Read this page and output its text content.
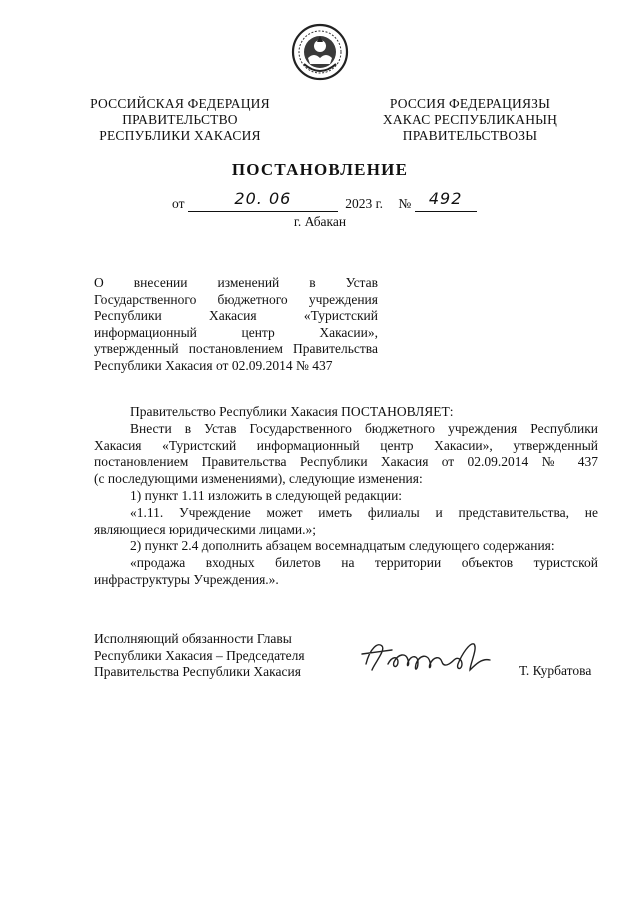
РОССИЙСКАЯ ФЕДЕРАЦИЯ
ПРАВИТЕЛЬСТВО
РЕСПУБЛИКИ ХАКАСИЯ
РОССИЯ ФЕДЕРАЦИЯЗЫ
ХАКАС РЕСПУБЛИКАНЫҢ
ПРАВИТЕЛЬСТВОЗЫ
ПОСТАНОВЛЕНИЕ
от	20. 06	2023 г. №	492
г. Абакан
О внесении изменений в Устав
Государственного бюджетного учреждения
Республики Хакасия «Туристский
информационный центр Хакасии»,
утвержденный постановлением Правительства
Республики Хакасия от 02.09.2014 № 437
Правительство Республики Хакасия ПОСТАНОВЛЯЕТ:
Внести в Устав Государственного бюджетного учреждения Республики
Хакасия «Туристский информационный центр Хакасии», утвержденный
постановлением Правительства Республики Хакасия от 02.09.2014 № 437
(с последующими изменениями), следующие изменения:
1) пункт 1.11 изложить в следующей редакции:
«1.11. Учреждение может иметь филиалы и представительства, не
являющиеся юридическими лицами.»;
2) пункт 2.4 дополнить абзацем восемнадцатым следующего содержания:
«продажа входных билетов на территории объектов туристской
инфраструктуры Учреждения.».
Исполняющий обязанности Главы
Республики Хакасия – Председателя
Правительства Республики Хакасия	Т. Курбатова
